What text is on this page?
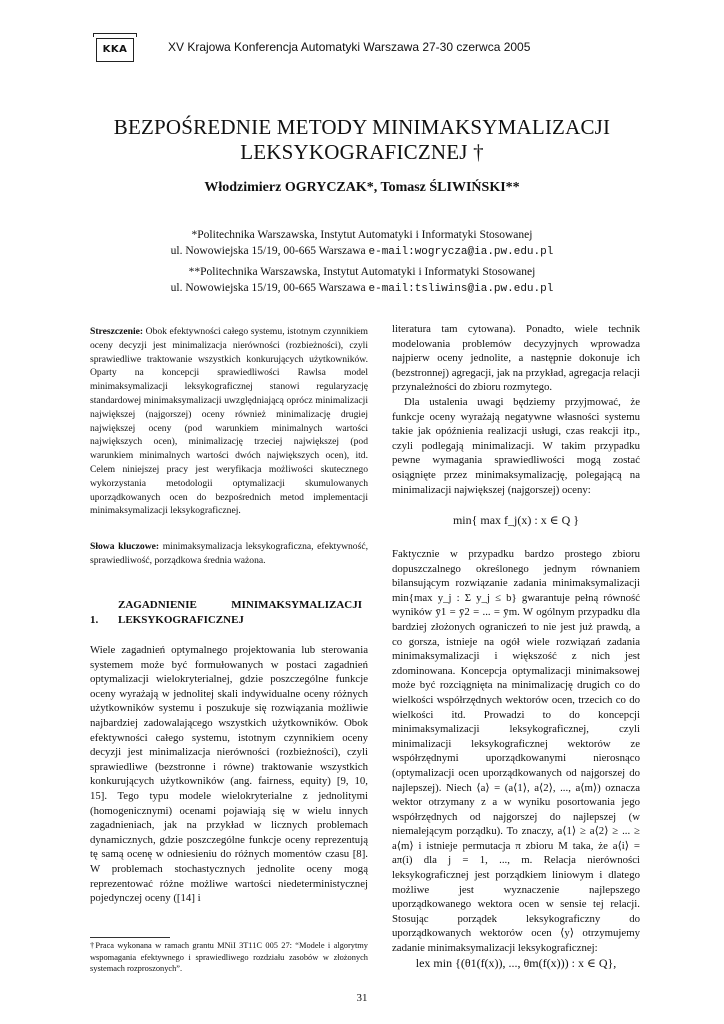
KKA	XV Krajowa Konferencja Automatyki Warszawa 27-30 czerwca 2005
BEZPOŚREDNIE METODY MINIMAKSYMALIZACJI
LEKSYKOGRAFICZNEJ †
Włodzimierz OGRYCZAK*, Tomasz ŚLIWIŃSKI**
*Politechnika Warszawska, Instytut Automatyki i Informatyki Stosowanej
ul. Nowowiejska 15/19, 00-665 Warszawa e-mail:wogrycza@ia.pw.edu.pl
**Politechnika Warszawska, Instytut Automatyki i Informatyki Stosowanej
ul. Nowowiejska 15/19, 00-665 Warszawa e-mail:tsliwins@ia.pw.edu.pl

Streszczenie: Obok efektywności całego systemu, istotnym czynnikiem oceny decyzji jest minimalizacja nierówności (rozbieżności), czyli sprawiedliwe traktowanie wszystkich konkurujących użytkowników. Oparty na koncepcji sprawiedliwości Rawlsa model minimaksymalizacji leksykograficznej stanowi regularyzację standardowej minimaksymalizacji uwzględniającą oprócz minimalizacji największej (najgorszej) oceny również minimalizację drugiej największej oceny (pod warunkiem minimalnych wartości największych ocen), minimalizację trzeciej największej (pod warunkiem minimalnych wartości dwóch największych ocen), itd. Celem niniejszej pracy jest weryfikacja możliwości skutecznego wykorzystania metodologii optymalizacji skumulowanych uporządkowanych ocen do bezpośrednich metod implementacji minimaksymalizacji leksykograficznej.

Słowa kluczowe: minimaksymalizacja leksykograficzna, efektywność, sprawiedliwość, porządkowa średnia ważona.

1.ZAGADNIENIE MINIMAKSYMALIZACJI LEKSYKOGRAFICZNEJ

Wiele zagadnień optymalnego projektowania lub sterowania systemem może być formułowanych w postaci zagadnień optymalizacji wielokryterialnej, gdzie poszczególne funkcje oceny wyrażają w jednolitej skali indywidualne oceny różnych użytkowników systemu i poszukuje się rozwiązania możliwie najbardziej zadowalającego wszystkich użytkowników. Obok efektywności całego systemu, istotnym czynnikiem oceny decyzji jest minimalizacja nierówności (rozbieżności), czyli sprawiedliwe (bezstronne i równe) traktowanie wszystkich konkurujących użytkowników (ang. fairness, equity) [9, 10, 15]. Tego typu modele wielokryterialne z jednolitymi (homogenicznymi) ocenami pojawiają się w wielu innych zagadnieniach, jak na przykład w licznych problemach dynamicznych, gdzie poszczególne funkcje oceny reprezentują tę samą ocenę w odniesieniu do różnych momentów czasu [8]. W problemach stochastycznych jednolite oceny mogą reprezentować różne możliwe wartości niedeterministycznej pojedynczej oceny ([14] i

literatura tam cytowana). Ponadto, wiele technik modelowania problemów decyzyjnych wprowadza najpierw oceny jednolite, a następnie dokonuje ich (bezstronnej) agregacji, jak na przykład, agregacja relacji przynależności do zbioru rozmytego.

Dla ustalenia uwagi będziemy przyjmować, że funkcje oceny wyrażają negatywne własności systemu takie jak opóźnienia realizacji usługi, czas reakcji itp., czyli podlegają minimalizacji. W takim przypadku pewne wymagania sprawiedliwości mogą zostać osiągnięte przez minimaksymalizację, polegającą na minimalizacji największej (najgorszej) oceny:

min{ max f_j(x) : x ∈ Q }

Faktycznie w przypadku bardzo prostego zbioru dopuszczalnego określonego jednym równaniem bilansującym rozwiązanie zadania minimaksymalizacji min{max y_j : Σ y_j ≤ b} gwarantuje pełną równość wyników ȳ1 = ȳ2 = ... = ȳm. W ogólnym przypadku dla bardziej złożonych ograniczeń to nie jest już prawdą, a co gorsza, istnieje na ogół wiele rozwiązań zadania minimaksymalizacji i większość z nich jest zdominowana. Koncepcja optymalizacji minimaksowej może być rozciągnięta na minimalizację drugich co do wielkości współrzędnych wektorów ocen, trzecich co do wielkości itd. Prowadzi to do koncepcji minimaksymalizacji leksykograficznej, czyli minimalizacji leksykograficznej wektorów ze współrzędnymi uporządkowanymi nierosnąco (optymalizacji ocen uporządkowanych od najgorszej do najlepszej). Niech ⟨a⟩ = (a⟨1⟩, a⟨2⟩, ..., a⟨m⟩) oznacza wektor otrzymany z a w wyniku posortowania jego współrzędnych od najgorszej do najlepszej (w niemalejącym porządku). To znaczy, a⟨1⟩ ≥ a⟨2⟩ ≥ ... ≥ a⟨m⟩ i istnieje permutacja π zbioru M taka, że a⟨i⟩ = aπ(i) dla j = 1, ..., m. Relacja nierówności leksykograficznej jest porządkiem liniowym i dlatego możliwe jest wyznaczenie najlepszego uporządkowanego wektora ocen w sensie tej relacji. Stosując porządek leksykograficzny do uporządkowanych wektorów ocen ⟨y⟩ otrzymujemy zadanie minimaksymalizacji leksykograficznej:

lex min {(θ1(f(x)), ..., θm(f(x))) : x ∈ Q},
†Praca wykonana w ramach grantu MNiI 3T11C 005 27: “Modele i algorytmy wspomagania efektywnego i sprawiedliwego rozdziału zasobów w złożonych systemach rozproszonych”.
31
